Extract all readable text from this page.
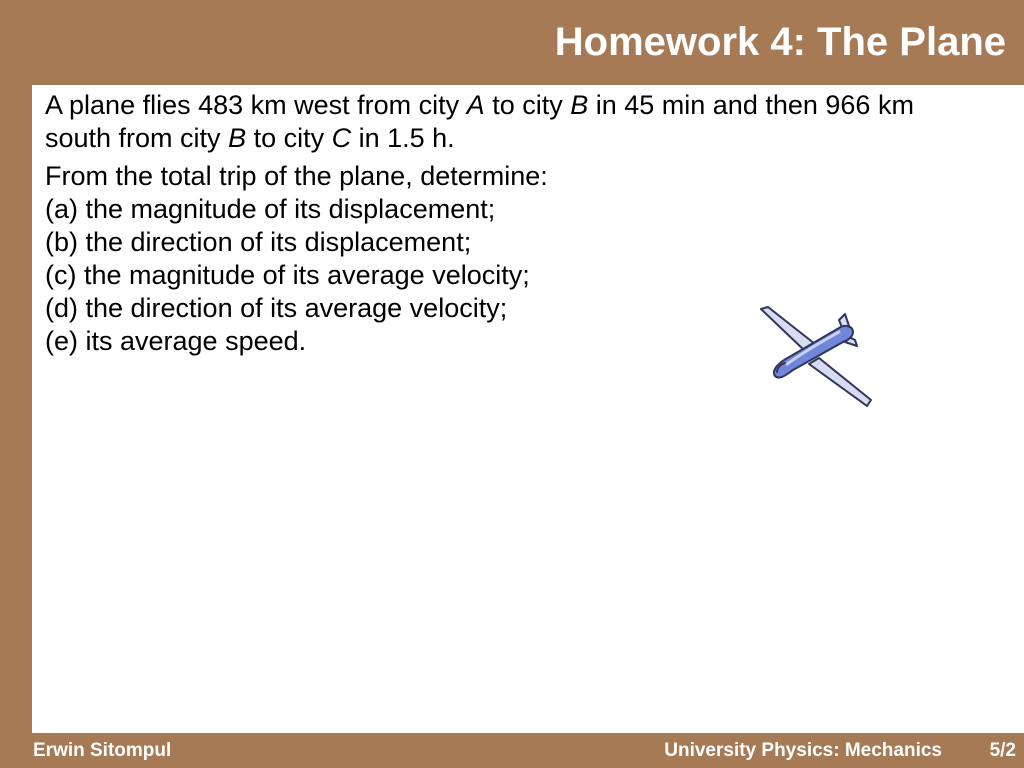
Homework 4: The Plane

A plane flies 483 km west from city A to city B in 45 min and then 966 km south from city B to city C in 1.5 h.

From the total trip of the plane, determine:
(a) the magnitude of its displacement;
(b) the direction of its displacement;
(c) the magnitude of its average velocity;
(d) the direction of its average velocity;
(e) its average speed.

Erwin Sitompul	University Physics: Mechanics	5/2
